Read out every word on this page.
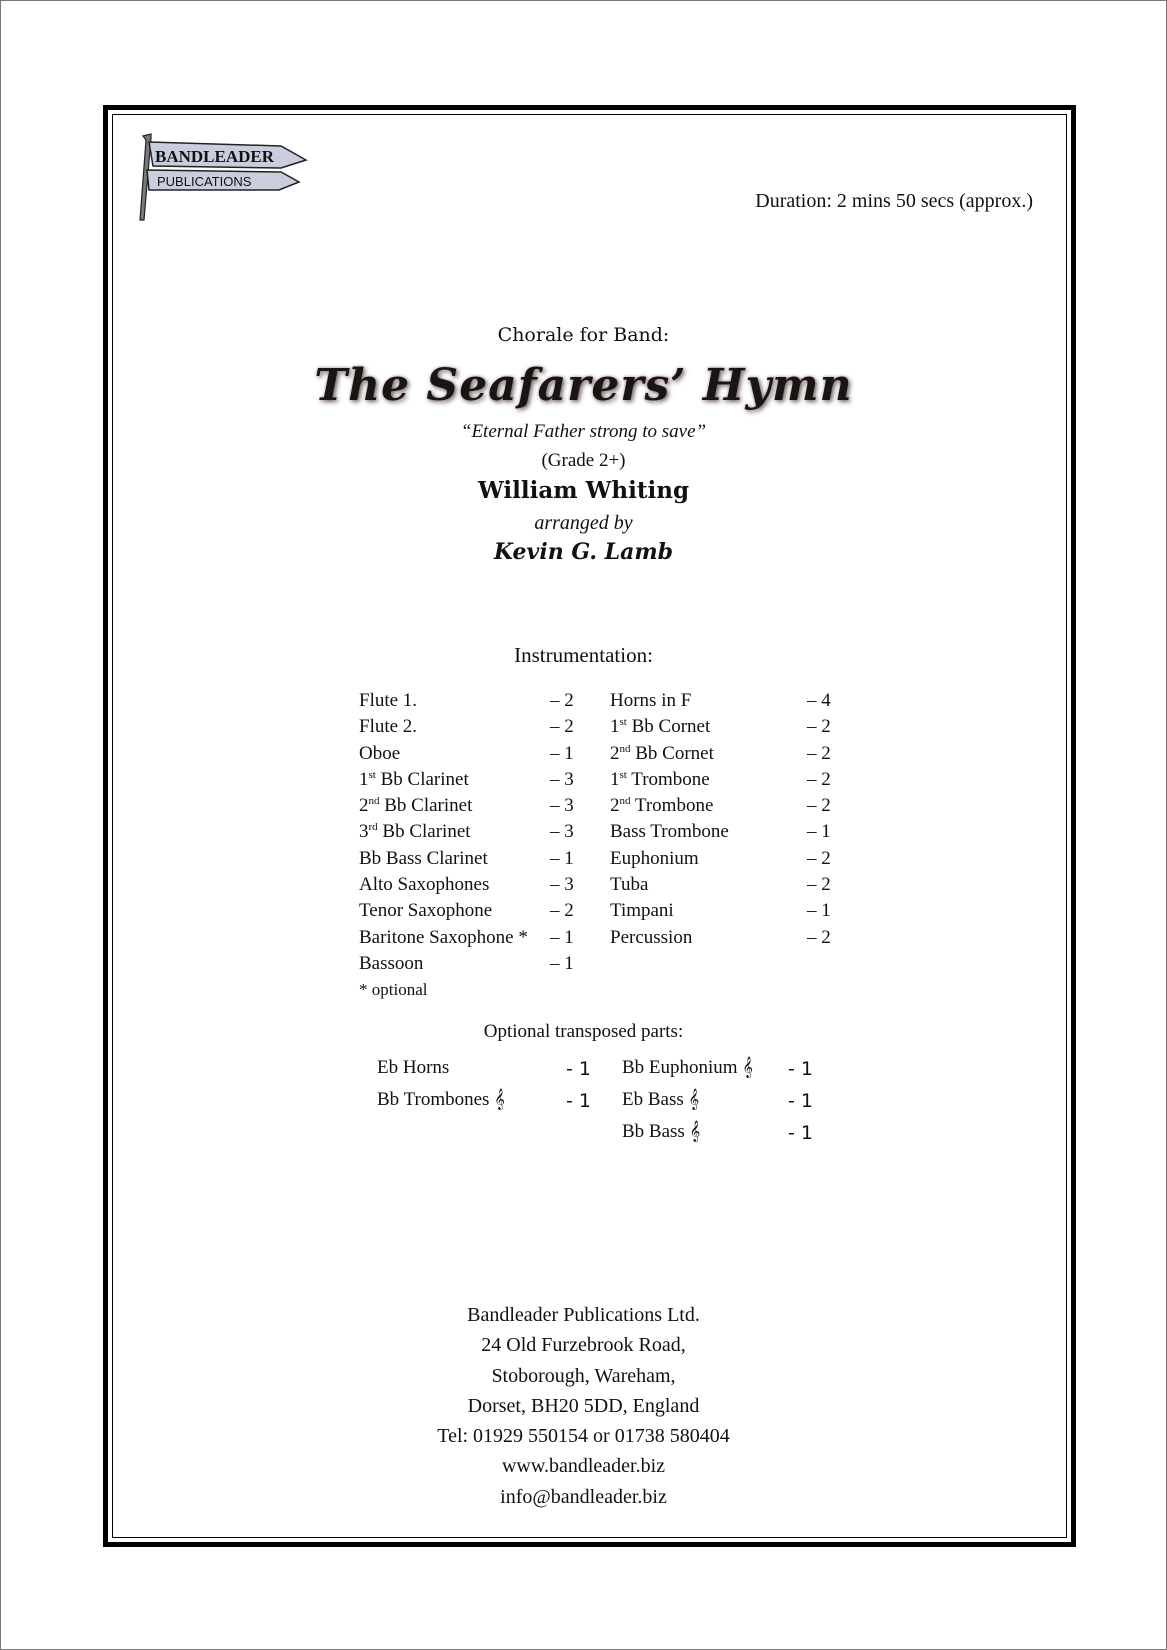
BANDLEADER
PUBLICATIONS
Duration: 2 mins 50 secs (approx.)
Chorale for Band:
The Seafarers’ Hymn
“Eternal Father strong to save”
(Grade 2+)
William Whiting
arranged by
Kevin G. Lamb
Instrumentation:
Flute 1.	– 2
Flute 2.	– 2
Oboe	– 1
1st Bb Clarinet	– 3
2nd Bb Clarinet	– 3
3rd Bb Clarinet	– 3
Bb Bass Clarinet	– 1
Alto Saxophones	– 3
Tenor Saxophone	– 2
Baritone Saxophone * – 1
Bassoon	– 1
Horns in F	– 4
1st Bb Cornet	– 2
2nd Bb Cornet	– 2
1st Trombone	– 2
2nd Trombone	– 2
Bass Trombone	– 1
Euphonium	– 2
Tuba	– 2
Timpani	– 1
Percussion	– 2
* optional
Optional transposed parts:
Eb Horns	- 1
Bb Trombones 𝄞	- 1
Bb Euphonium 𝄞 - 1
Eb Bass 𝄞	- 1
Bb Bass 𝄞	- 1
Bandleader Publications Ltd.
24 Old Furzebrook Road,
Stoborough, Wareham,
Dorset, BH20 5DD, England
Tel: 01929 550154 or 01738 580404
www.bandleader.biz
info@bandleader.biz
